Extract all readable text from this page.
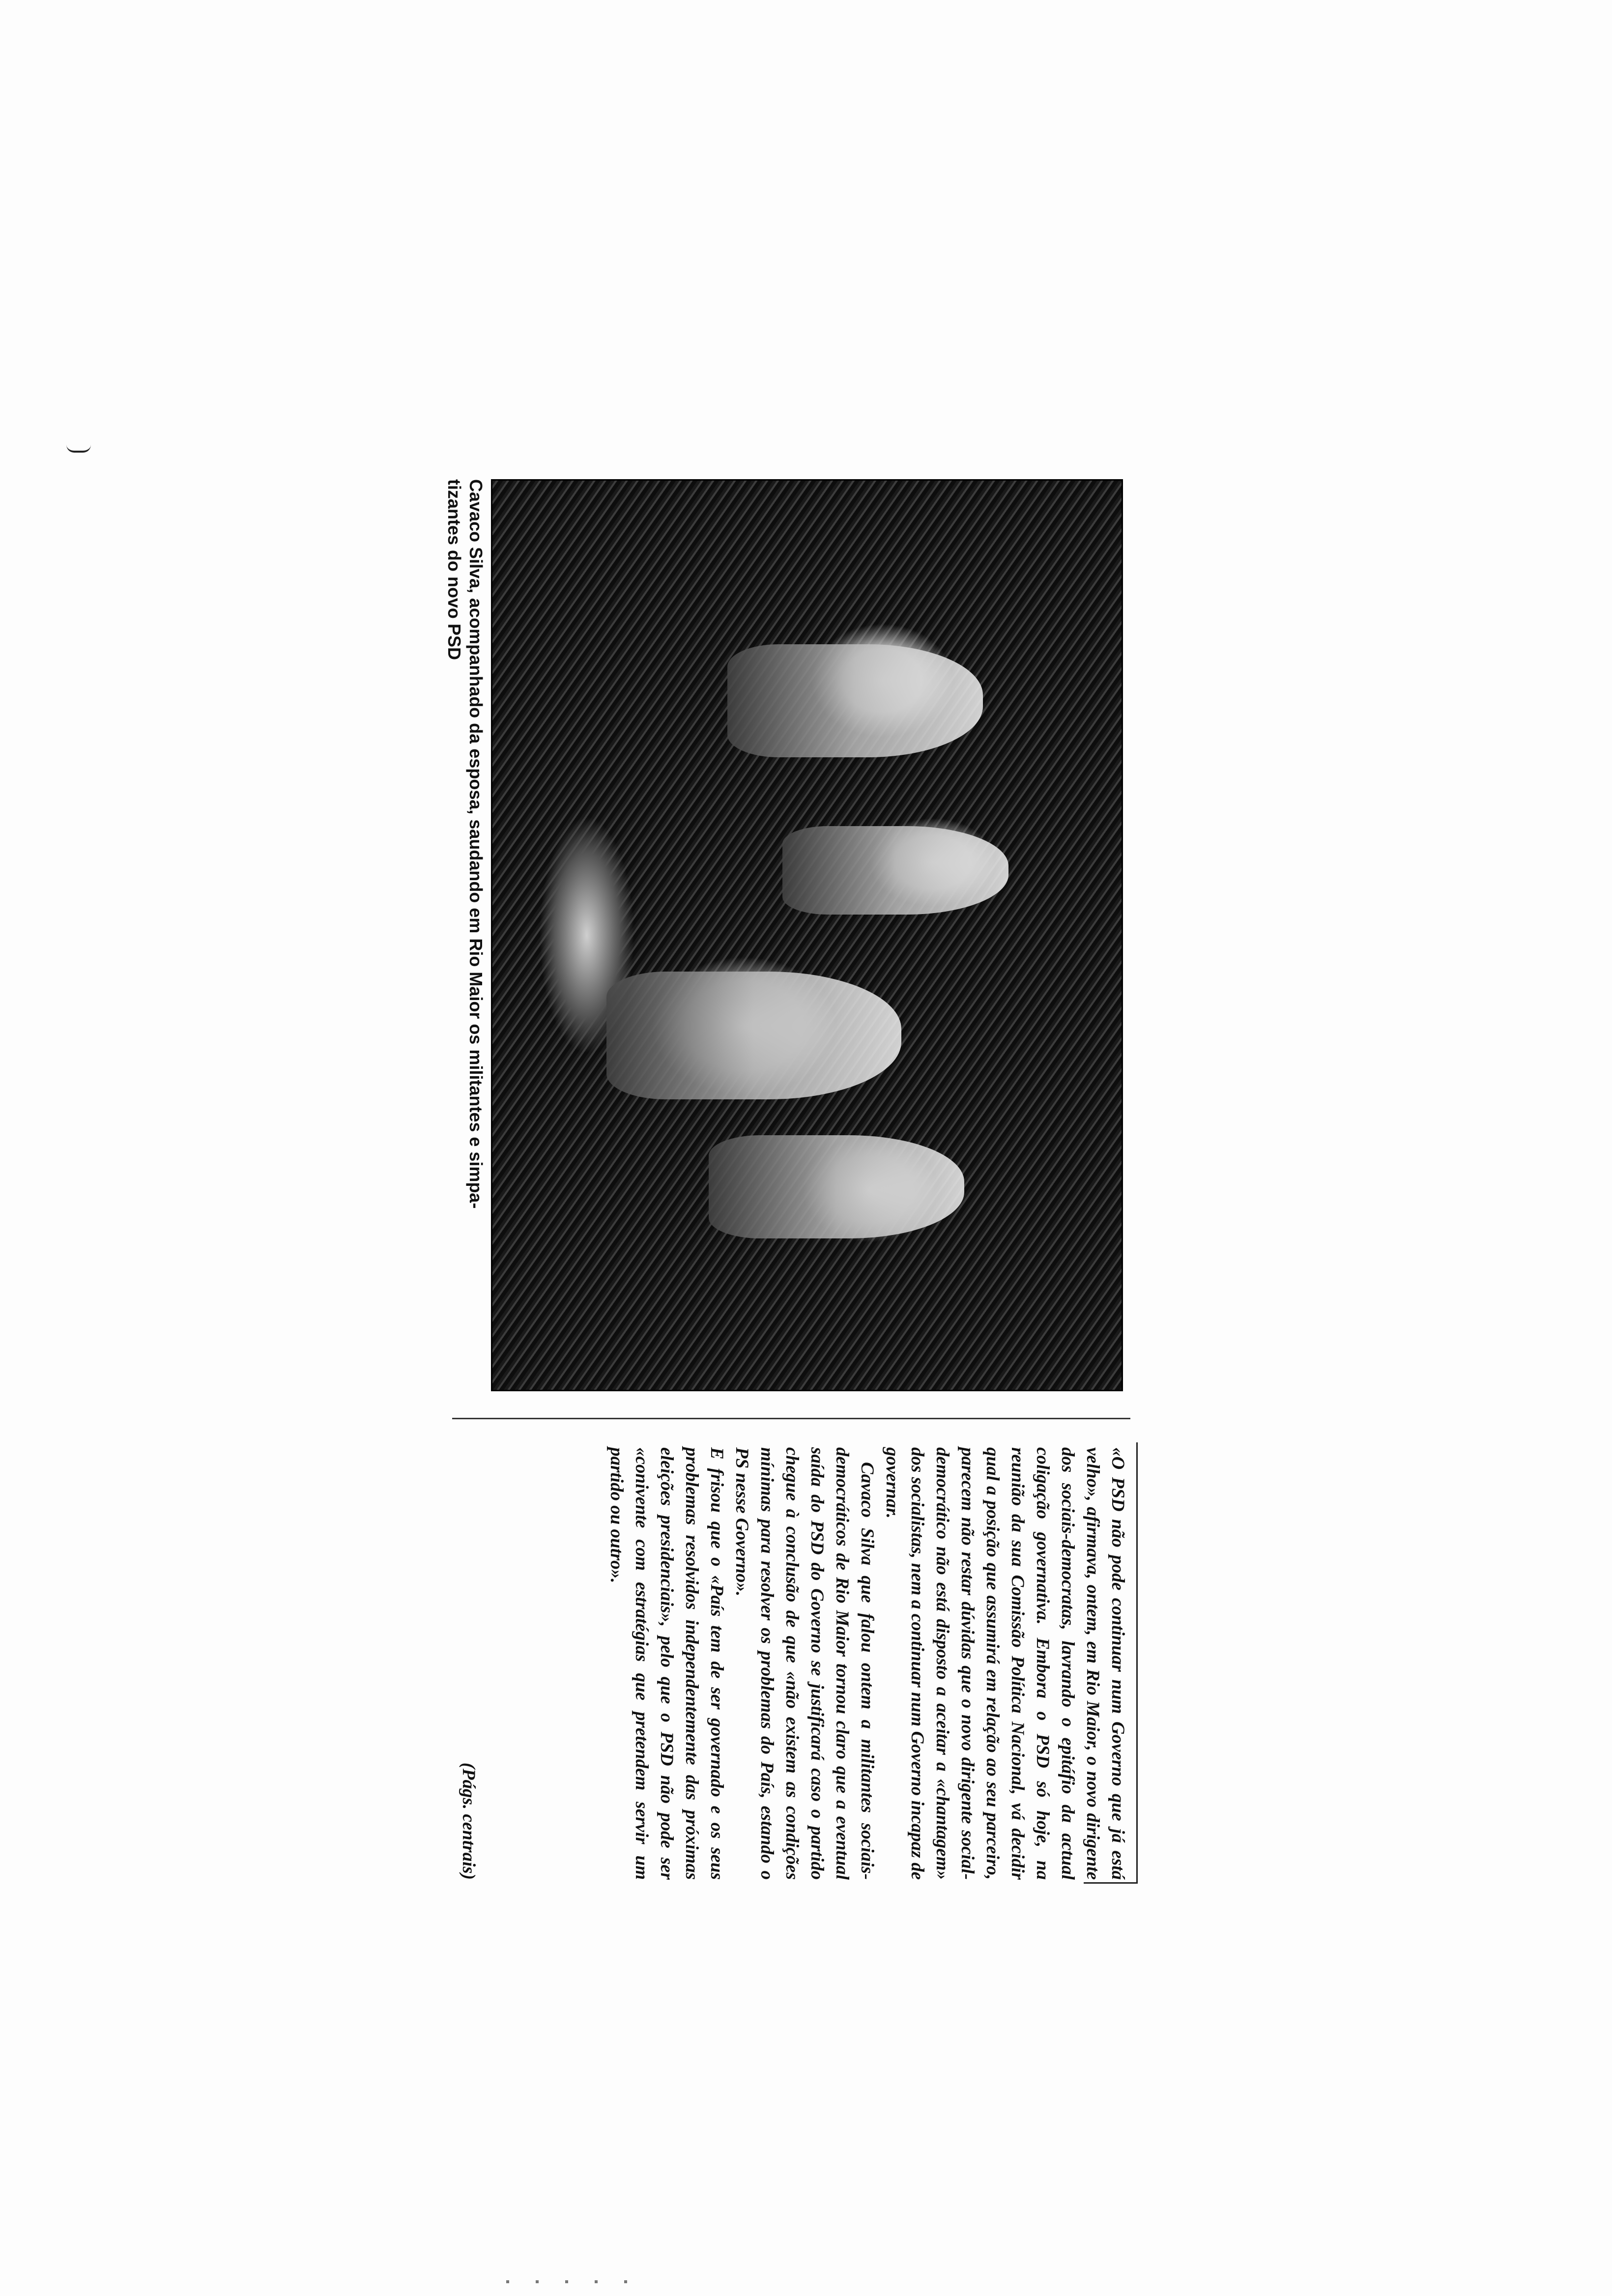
Cavaco Silva, acompanhado da esposa, saudando em Rio Maior os militantes e simpa-
tizantes do novo PSD

«O PSD não pode continuar num Governo que já está velho», afirmava, ontem, em Rio Maior, o novo dirigente dos sociais-democratas, lavrando o epitáfio da actual coligação governativa. Embora o PSD só hoje, na reunião da sua Comissão Política Nacional, vá decidir qual a posição que assumirá em relação ao seu parceiro, parecem não restar dúvidas que o novo dirigente social-democrático não está disposto a aceitar a «chantagem» dos socialistas, nem a continuar num Governo incapaz de governar.

Cavaco Silva que falou ontem a militantes sociais-democráticos de Rio Maior tornou claro que a eventual saída do PSD do Governo se justificará caso o partido chegue à conclusão de que «não existem as condições mínimas para resolver os problemas do País, estando o PS nesse Governo».

E frisou que o «País tem de ser governado e os seus problemas resolvidos independentemente das próximas eleições presidenciais», pelo que o PSD não pode ser «conivente com estratégias que pretendem servir um partido ou outro».

(Págs. centrais)
